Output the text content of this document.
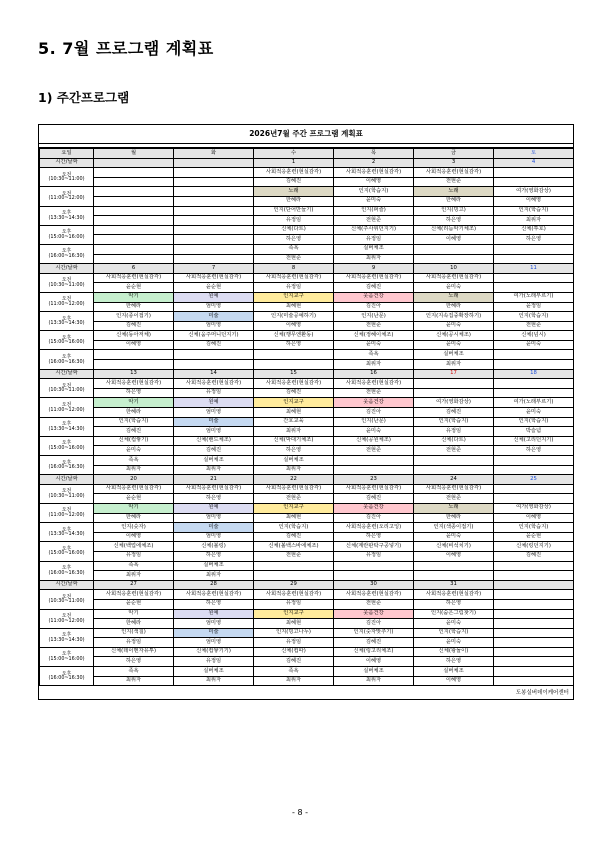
5. 7월 프로그램 계획표
1) 주간프로그램
2026년7월 주간 프로그램 계획표
요일	월	화	수	목	금	토
시간/날짜			1	2	3	4

오전
(10:30~11:00)			사회적응훈련(현실감각)	사회적응훈련(현실감각)	사회적응훈련(현실감각)	
			김혜진	이혜영	전현준	

오전
(11:00~12:00)			노래	인지(학습지)	노래	여가(영화감상)
			한혜라	윤미숙	한혜라	이혜영

오후
(13:30~14:30)			인지(단어만들기)	인지(퍼즐)	인지(빙고)	인지(학습지)
			유정임	전현준	하은영	최위자

오후
(15:00~16:00)			신체(다트)	신체(주사위던지기)	신체(리듬악기체조)	신체(투호)
			하은영	유정임	이혜영	하은영

오후
(16:00~16:30)			족욕	실버체조		
			전현준	최위자		
시간/날짜	6	7	8	9	10	11

오전
(10:30~11:00)	사회적응훈련(현실감각)	사회적응훈련(현실감각)	사회적응훈련(현실감각)	사회적응훈련(현실감각)	사회적응훈련(현실감각)	
	윤순현	윤순현	유정임	김혜진	윤미숙	

오전
(11:00~12:00)	악기	원예	인지교구	웃음건강	노래	여가(노래부르기)
	한혜라	엄미영	최혜현	김진아	한혜라	윤정임

오후
(13:30~14:30)	인지(종이접기)	미술	인지(미술공예하기)	인지(난문)	인지(지속집중확장하기)	인지(학습지)
	김혜진	엄미영	이혜영	전현준	윤미숙	전현준

오후
(15:00~16:00)	신체(동아저체)	신체(움주머니던지기)	신체(행무엔환동)	신체(정혜이체조)	신체(공시체조)	신체(넘시)
	이혜영	김혜진	하은영	윤미숙	윤미숙	윤미숙

오후
(16:00~16:30)				족욕	실버체조	
				최위자	최위자	
시간/날짜	13	14	15	16	17	18

오전
(10:30~11:00)	사회적응훈련(현실감각)	사회적응훈련(현실감각)	사회적응훈련(현실감각)	사회적응훈련(현실감각)		
	하은영	유정임	김혜진	전현준		

오전
(11:00~12:00)	악기	원예	인지교구	웃음건강	여가(영화감상)	여가(노래부르기)
	한혜라	엄미영	최혜현	김진아	김혜진	윤미숙

오후
(13:30~14:30)	인지(학습지)	미술	간호교육	인지(난문)	인지(학습지)	인지(학습지)
	김혜진	엄미영	최위자	윤미숙	유정임	박슬념

오후
(15:00~16:00)	신체(컵쌓기)	신체(밴드체조)	신체(막대기체조)	신체(공원체조)	신체(다트)	신체(고리던지기)
	윤미숙	김혜진	하은영	전현준	전현준	하은영

오후
(16:00~16:30)	족욕	실버체조	실버체조			
	최위자	최위자	최위자			
시간/날짜	20	21	22	23	24	25

오전
(10:30~11:00)	사회적응훈련(현실감각)	사회적응훈련(현실감각)	사회적응훈련(현실감각)	사회적응훈련(현실감각)	사회적응훈련(현실감각)	
	윤순현	하은영	전현준	김혜진	전현준	

오전
(11:00~12:00)	악기	원예	인지교구	웃음건강	노래	여가(영화감상)
	한혜라	엄미영	최혜현	김진아	한혜라	이혜영

오후
(13:30~14:30)	인지(숫자)	미술	인지(학습지)	사회적응훈련(오리고잉)	인지(색종이접기)	인지(학습지)
	이혜영	엄미영	김혜진	하은영	윤미숙	윤순현

오후
(15:00~16:00)	신체(백업에체조)	신체(볼링)	신체(볼백스바에체조)	신체(계란판탁구공넣기)	신체(비석치기)	신체(링던지기)
	유정임	하은영	전현준	유정임	이혜영	김혜진

오후
(16:00~16:30)	족욕	실버체조				
	최위자	최위자				
시간/날짜	27	28	29	30	31	

오전
(10:30~11:00)	사회적응훈련(현실감각)	사회적응훈련(현실감각)	사회적응훈련(현실감각)	사회적응훈련(현실감각)	사회적응훈련(현실감각)	
	윤순현	하은영	유정임	전현준	하은영	

오전
(11:00~12:00)	악기	원예	인지교구	웃음건강	인지(숨은그림찾기)	
	한혜라	엄미영	최혜현	김진아	윤미숙	

오후
(13:30~14:30)	인지(색칠)	미술	인지(빙고나누)	인지(숫자맞추기)	인지(학습지)	
	유정임	엄미영	유정임	김혜진	윤미숙	

오후
(15:00~16:00)	신체(데이멘자유투)	신체(컵쌓기기)	신체(컵따)	신체(링고리체조)	신체(왕놀이)	
	하은영	유정임	김혜진	이혜영	하은영	

오후
(16:00~16:30)	족욕	실버체조	족욕	실버체조	실버체조	
	최위자	최위자	최위자	최위자	이혜영	
도봉실버데이케어센터
- 8 -
